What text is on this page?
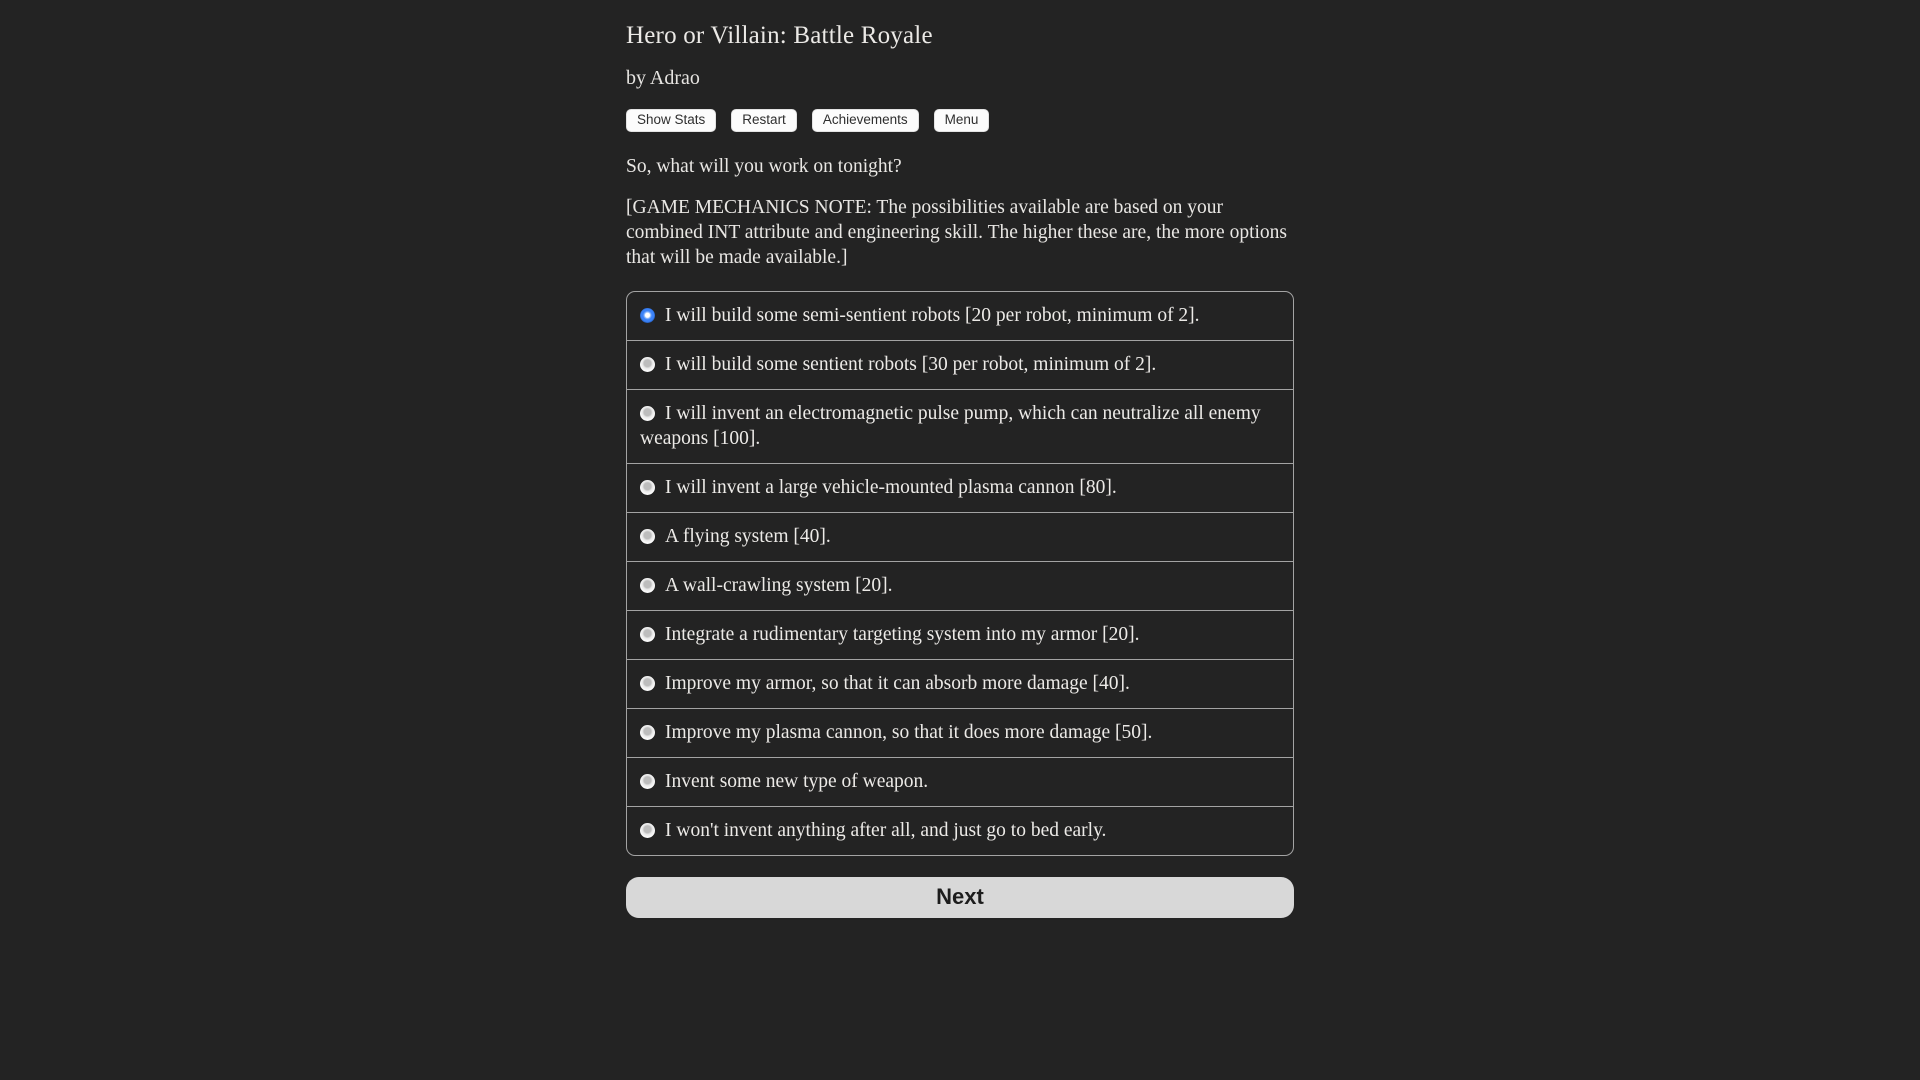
Hero or Villain: Battle Royale
by Adrao
Show Stats	Restart	Achievements	Menu
So, what will you work on tonight?
[GAME MECHANICS NOTE: The possibilities available are based on your combined INT attribute and engineering skill. The higher these are, the more options that will be made available.]
I will build some semi-sentient robots [20 per robot, minimum of 2].
I will build some sentient robots [30 per robot, minimum of 2].
I will invent an electromagnetic pulse pump, which can neutralize all enemy weapons [100].
I will invent a large vehicle-mounted plasma cannon [80].
A flying system [40].
A wall-crawling system [20].
Integrate a rudimentary targeting system into my armor [20].
Improve my armor, so that it can absorb more damage [40].
Improve my plasma cannon, so that it does more damage [50].
Invent some new type of weapon.
I won't invent anything after all, and just go to bed early.
Next
